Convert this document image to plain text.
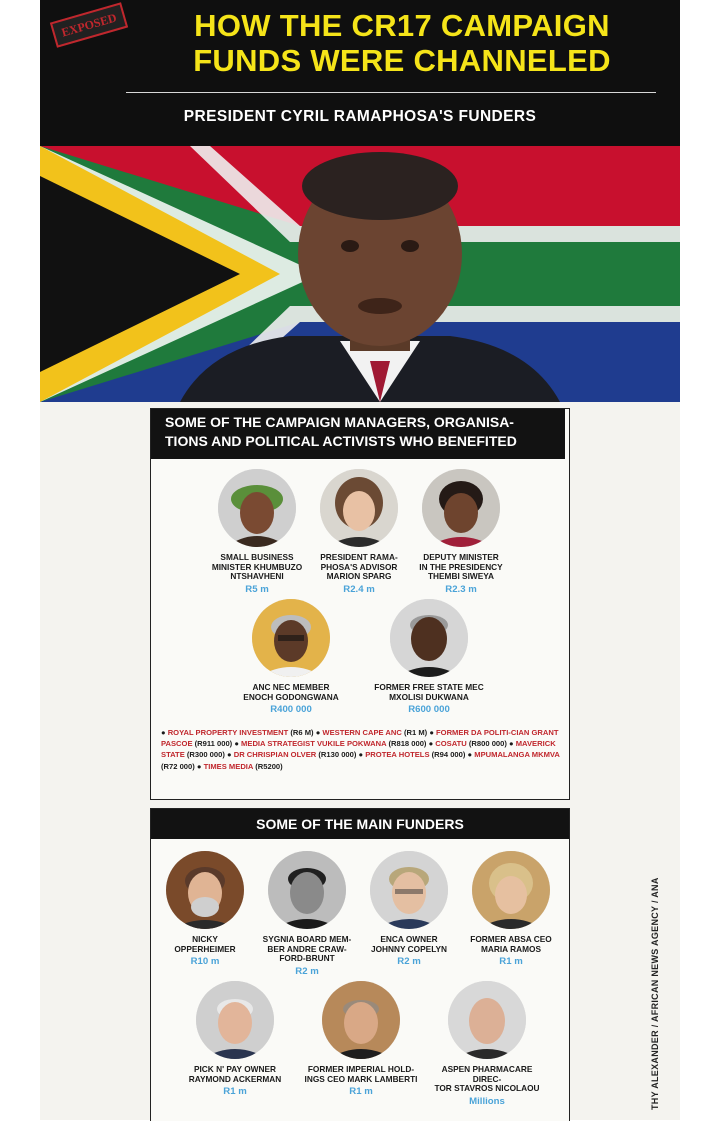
EXPOSED	HOW THE CR17 CAMPAIGN
FUNDS WERE CHANNELED
PRESIDENT CYRIL RAMAPHOSA'S FUNDERS
SOME OF THE CAMPAIGN MANAGERS, ORGANISA-
TIONS AND POLITICAL ACTIVISTS WHO BENEFITED
SMALL BUSINESS
MINISTER KHUMBUZO
NTSHAVHENI
R5 m
PRESIDENT RAMA-
PHOSA'S ADVISOR
MARION SPARG
R2.4 m
DEPUTY MINISTER
IN THE PRESIDENCY
THEMBI SIWEYA
R2.3 m
ANC NEC MEMBER
ENOCH GODONGWANA
R400 000
FORMER FREE STATE MEC
MXOLISI DUKWANA
R600 000
● ROYAL PROPERTY INVESTMENT (R6 M) ● WESTERN CAPE ANC (R1 M) ● FORMER DA POLITI-CIAN GRANT PASCOE (R911 000) ● MEDIA STRATEGIST VUKILE POKWANA (R818 000) ● COSATU (R800 000) ● MAVERICK STATE (R300 000) ● DR CHRISPIAN OLVER (R130 000) ● PROTEA HOTELS (R94 000) ● MPUMALANGA MKMVA (R72 000) ● TIMES MEDIA (R5200)
SOME OF THE MAIN FUNDERS
NICKY
OPPERHEIMER
R10 m
SYGNIA BOARD MEM-
BER ANDRE CRAW-
FORD-BRUNT
R2 m
ENCA OWNER
JOHNNY COPELYN
R2 m
FORMER ABSA CEO
MARIA RAMOS
R1 m
PICK N' PAY OWNER
RAYMOND ACKERMAN
R1 m
FORMER IMPERIAL HOLD-
INGS CEO MARK LAMBERTI
R1 m
ASPEN PHARMACARE DIREC-
TOR STAVROS NICOLAOU
Millions	THY ALEXANDER / AFRICAN NEWS AGENCY / ANA
